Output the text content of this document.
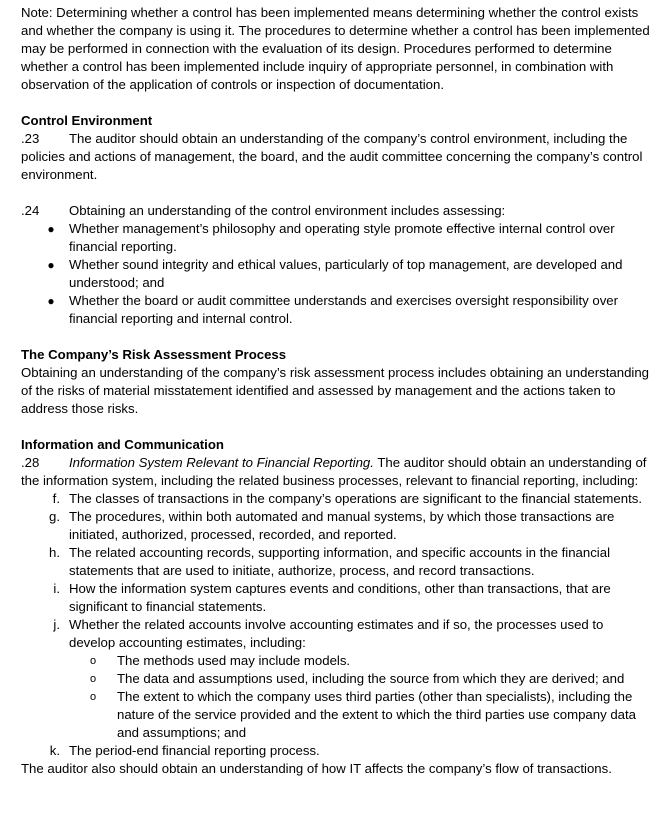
Note: Determining whether a control has been implemented means determining whether the control exists and whether the company is using it. The procedures to determine whether a control has been implemented may be performed in connection with the evaluation of its design. Procedures performed to determine whether a control has been implemented include inquiry of appropriate personnel, in combination with observation of the application of controls or inspection of documentation.

Control Environment

.23 The auditor should obtain an understanding of the company’s control environment, including the policies and actions of management, the board, and the audit committee concerning the company’s control environment.

.24	Obtaining an understanding of the control environment includes assessing:
●	Whether management’s philosophy and operating style promote effective internal control over financial reporting.
●	Whether sound integrity and ethical values, particularly of top management, are developed and understood; and
●	Whether the board or audit committee understands and exercises oversight responsibility over financial reporting and internal control.

The Company’s Risk Assessment Process

Obtaining an understanding of the company’s risk assessment process includes obtaining an understanding of the risks of material misstatement identified and assessed by management and the actions taken to address those risks.

Information and Communication

.28 Information System Relevant to Financial Reporting. The auditor should obtain an understanding of the information system, including the related business processes, relevant to financial reporting, including:

f. The classes of transactions in the company’s operations are significant to the financial statements.
g. The procedures, within both automated and manual systems, by which those transactions are initiated, authorized, processed, recorded, and reported.
h. The related accounting records, supporting information, and specific accounts in the financial statements that are used to initiate, authorize, process, and record transactions.
i. How the information system captures events and conditions, other than transactions, that are significant to financial statements.
j. Whether the related accounts involve accounting estimates and if so, the processes used to develop accounting estimates, including:
o	The methods used may include models.
o	The data and assumptions used, including the source from which they are derived; and
o	The extent to which the company uses third parties (other than specialists), including the nature of the service provided and the extent to which the third parties use company data and assumptions; and
k. The period-end financial reporting process.

The auditor also should obtain an understanding of how IT affects the company’s flow of transactions.
